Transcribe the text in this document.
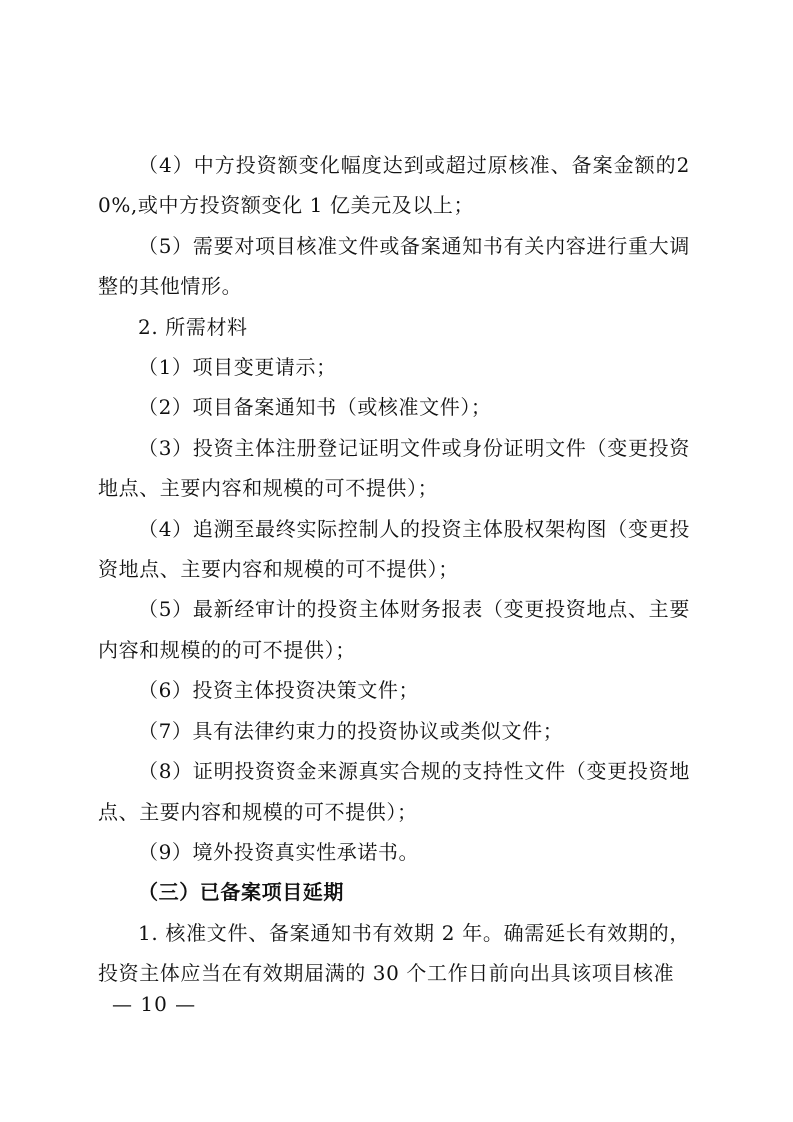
（4）中方投资额变化幅度达到或超过原核准、备案金额的20%,或中方投资额变化 1 亿美元及以上；

（5）需要对项目核准文件或备案通知书有关内容进行重大调整的其他情形。

2. 所需材料

（1）项目变更请示；

（2）项目备案通知书（或核准文件）；

（3）投资主体注册登记证明文件或身份证明文件（变更投资地点、主要内容和规模的可不提供）；

（4）追溯至最终实际控制人的投资主体股权架构图（变更投资地点、主要内容和规模的可不提供）；

（5）最新经审计的投资主体财务报表（变更投资地点、主要内容和规模的的可不提供）；

（6）投资主体投资决策文件；

（7）具有法律约束力的投资协议或类似文件；

（8）证明投资资金来源真实合规的支持性文件（变更投资地点、主要内容和规模的可不提供）；

（9）境外投资真实性承诺书。

（三）已备案项目延期

1. 核准文件、备案通知书有效期 2 年。确需延长有效期的，投资主体应当在有效期届满的 30 个工作日前向出具该项目核准

— 10 —
